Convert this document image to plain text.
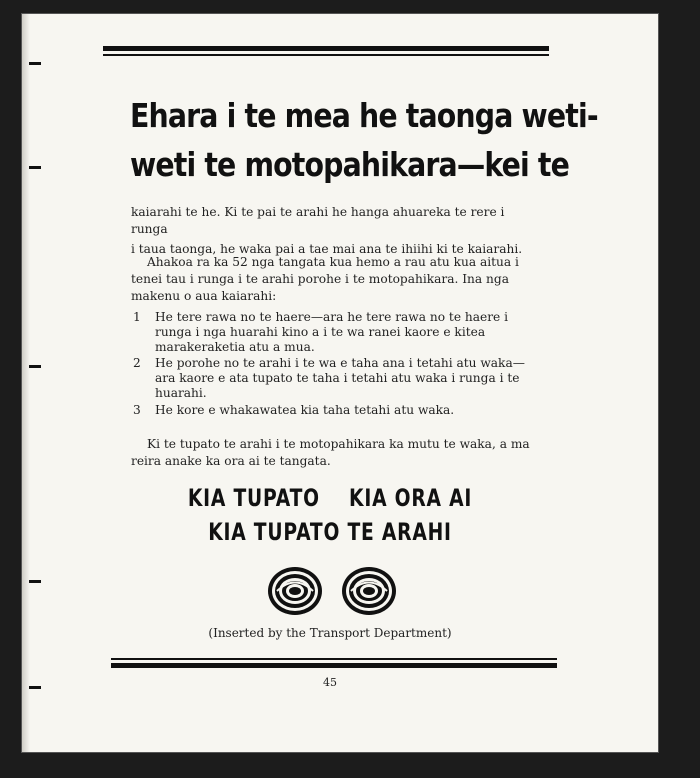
Ehara i te mea he taonga weti-
weti te motopahikara—kei te

kaiarahi te he. Ki te pai te arahi he hanga ahuareka te rere i runga

i taua taonga, he waka pai a tae mai ana te ihiihi ki te kaiarahi.

Ahakoa ra ka 52 nga tangata kua hemo a rau atu kua aitua i tenei tau i runga i te arahi porohe i te motopahikara. Ina nga makenu o aua kaiarahi:

1 He tere rawa no te haere—ara he tere rawa no te haere i runga i nga huarahi kino a i te wa ranei kaore e kitea marakeraketia atu a mua.
2 He porohe no te arahi i te wa e taha ana i tetahi atu waka—ara kaore e ata tupato te taha i tetahi atu waka i runga i te huarahi.
3 He kore e whakawatea kia taha tetahi atu waka.

Ki te tupato te arahi i te motopahikara ka mutu te waka, a ma reira anake ka ora ai te tangata.

KIA TUPATO    KIA ORA AI
KIA TUPATO TE ARAHI
(Inserted by the Transport Department)
45
